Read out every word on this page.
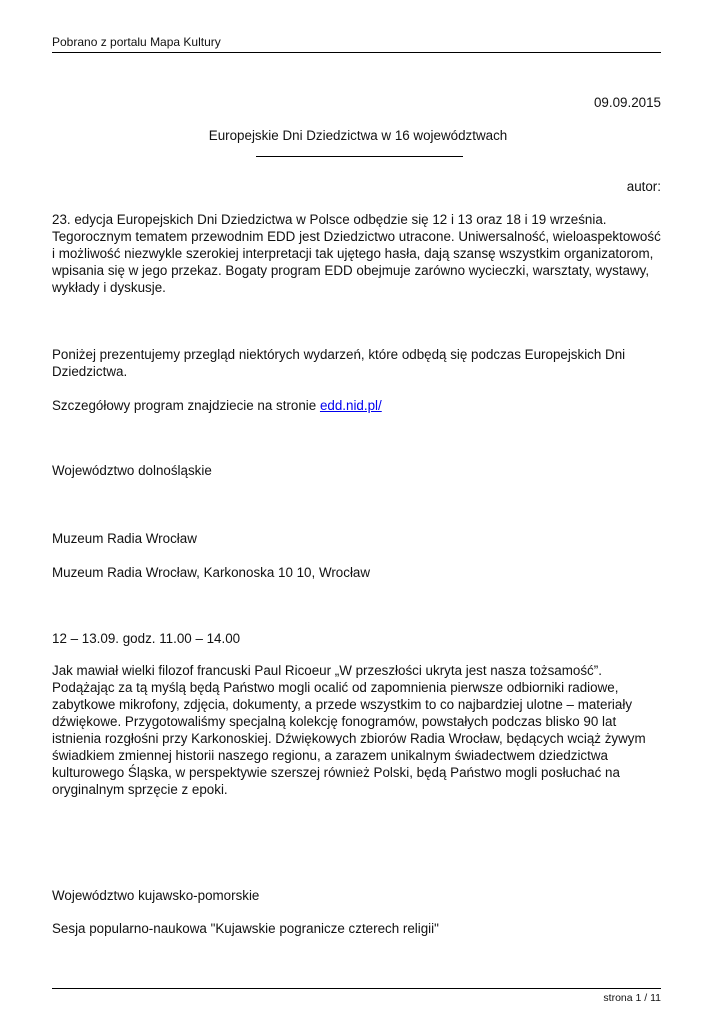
Pobrano z portalu Mapa Kultury
09.09.2015
Europejskie Dni Dziedzictwa w 16 województwach
autor:

23. edycja Europejskich Dni Dziedzictwa w Polsce odbędzie się 12 i 13 oraz 18 i 19 września.
Tegorocznym tematem przewodnim EDD jest Dziedzictwo utracone. Uniwersalność, wieloaspektowość
i możliwość niezwykle szerokiej interpretacji tak ujętego hasła, dają szansę wszystkim organizatorom,
wpisania się w jego przekaz. Bogaty program EDD obejmuje zarówno wycieczki, warsztaty, wystawy,
wykłady i dyskusje.

Poniżej prezentujemy przegląd niektórych wydarzeń, które odbędą się podczas Europejskich Dni
Dziedzictwa.

Szczegółowy program znajdziecie na stronie edd.nid.pl/

Województwo dolnośląskie

Muzeum Radia Wrocław

Muzeum Radia Wrocław, Karkonoska 10 10, Wrocław

12 – 13.09. godz. 11.00 – 14.00

Jak mawiał wielki filozof francuski Paul Ricoeur „W przeszłości ukryta jest nasza tożsamość”.
Podążając za tą myślą będą Państwo mogli ocalić od zapomnienia pierwsze odbiorniki radiowe,
zabytkowe mikrofony, zdjęcia, dokumenty, a przede wszystkim to co najbardziej ulotne – materiały
dźwiękowe. Przygotowaliśmy specjalną kolekcję fonogramów, powstałych podczas blisko 90 lat
istnienia rozgłośni przy Karkonoskiej. Dźwiękowych zbiorów Radia Wrocław, będących wciąż żywym
świadkiem zmiennej historii naszego regionu, a zarazem unikalnym świadectwem dziedzictwa
kulturowego Śląska, w perspektywie szerszej również Polski, będą Państwo mogli posłuchać na
oryginalnym sprzęcie z epoki.

Województwo kujawsko-pomorskie

Sesja popularno-naukowa "Kujawskie pogranicze czterech religii"

strona 1 / 11
